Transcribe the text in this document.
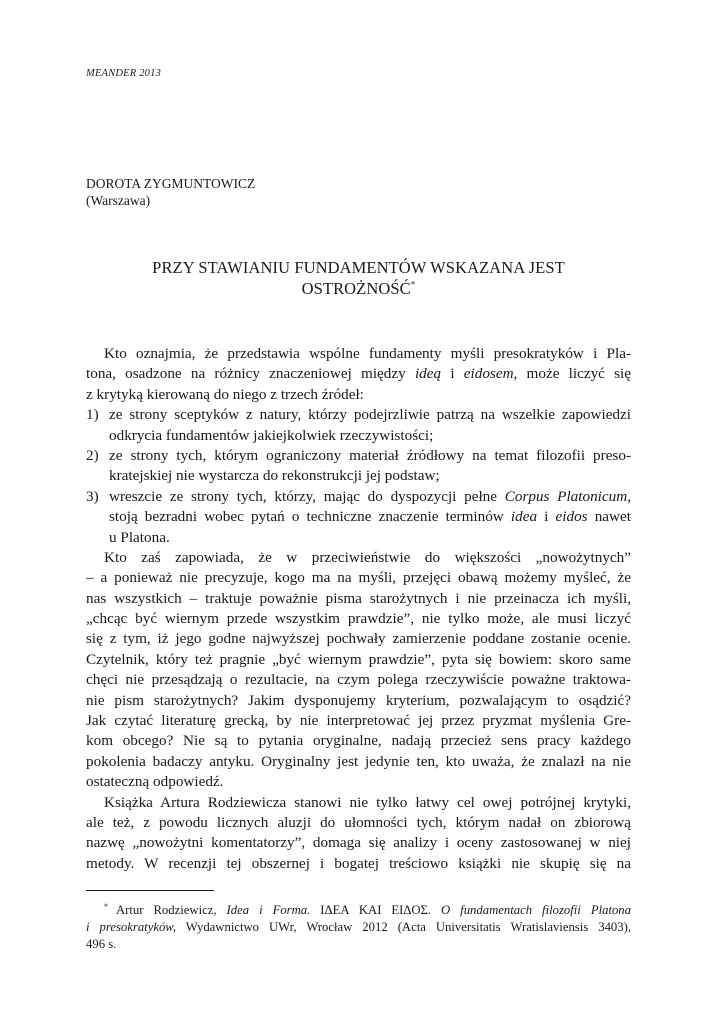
MEANDER 2013
DOROTA ZYGMUNTOWICZ
(Warszawa)
PRZY STAWIANIU FUNDAMENTÓW WSKAZANA JEST
OSTROŻNOŚĆ*
Kto oznajmia, że przedstawia wspólne fundamenty myśli presokratyków i Pla-
tona, osadzone na różnicy znaczeniowej między ideą i eidosem, może liczyć się
z krytyką kierowaną do niego z trzech źródeł:
1) ze strony sceptyków z natury, którzy podejrzliwie patrzą na wszelkie zapowiedzi
odkrycia fundamentów jakiejkolwiek rzeczywistości;
2) ze strony tych, którym ograniczony materiał źródłowy na temat filozofii preso-
kratejskiej nie wystarcza do rekonstrukcji jej podstaw;
3) wreszcie ze strony tych, którzy, mając do dyspozycji pełne Corpus Platonicum,
stoją bezradni wobec pytań o techniczne znaczenie terminów idea i eidos nawet
u Platona.
Kto zaś zapowiada, że w przeciwieństwie do większości „nowożytnych”
– a ponieważ nie precyzuje, kogo ma na myśli, przejęci obawą możemy myśleć, że
nas wszystkich – traktuje poważnie pisma starożytnych i nie przeinacza ich myśli,
„chcąc być wiernym przede wszystkim prawdzie”, nie tylko może, ale musi liczyć
się z tym, iż jego godne najwyższej pochwały zamierzenie poddane zostanie ocenie.
Czytelnik, który też pragnie „być wiernym prawdzie”, pyta się bowiem: skoro same
chęci nie przesądzają o rezultacie, na czym polega rzeczywiście poważne traktowa-
nie pism starożytnych? Jakim dysponujemy kryterium, pozwalającym to osądzić?
Jak czytać literaturę grecką, by nie interpretować jej przez pryzmat myślenia Gre-
kom obcego? Nie są to pytania oryginalne, nadają przecież sens pracy każdego
pokolenia badaczy antyku. Oryginalny jest jedynie ten, kto uważa, że znalazł na nie
ostateczną odpowiedź.
Książka Artura Rodziewicza stanowi nie tylko łatwy cel owej potrójnej krytyki,
ale też, z powodu licznych aluzji do ułomności tych, którym nadał on zbiorową
nazwę „nowożytni komentatorzy”, domaga się analizy i oceny zastosowanej w niej
metody. W recenzji tej obszernej i bogatej treściowo książki nie skupię się na
* Artur Rodziewicz, Idea i Forma. ΙΔΕΑ ΚΑΙ ΕΙΔΟΣ. O fundamentach filozofii Platona
i presokratyków, Wydawnictwo UWr, Wrocław 2012 (Acta Universitatis Wratislaviensis 3403),
496 s.
